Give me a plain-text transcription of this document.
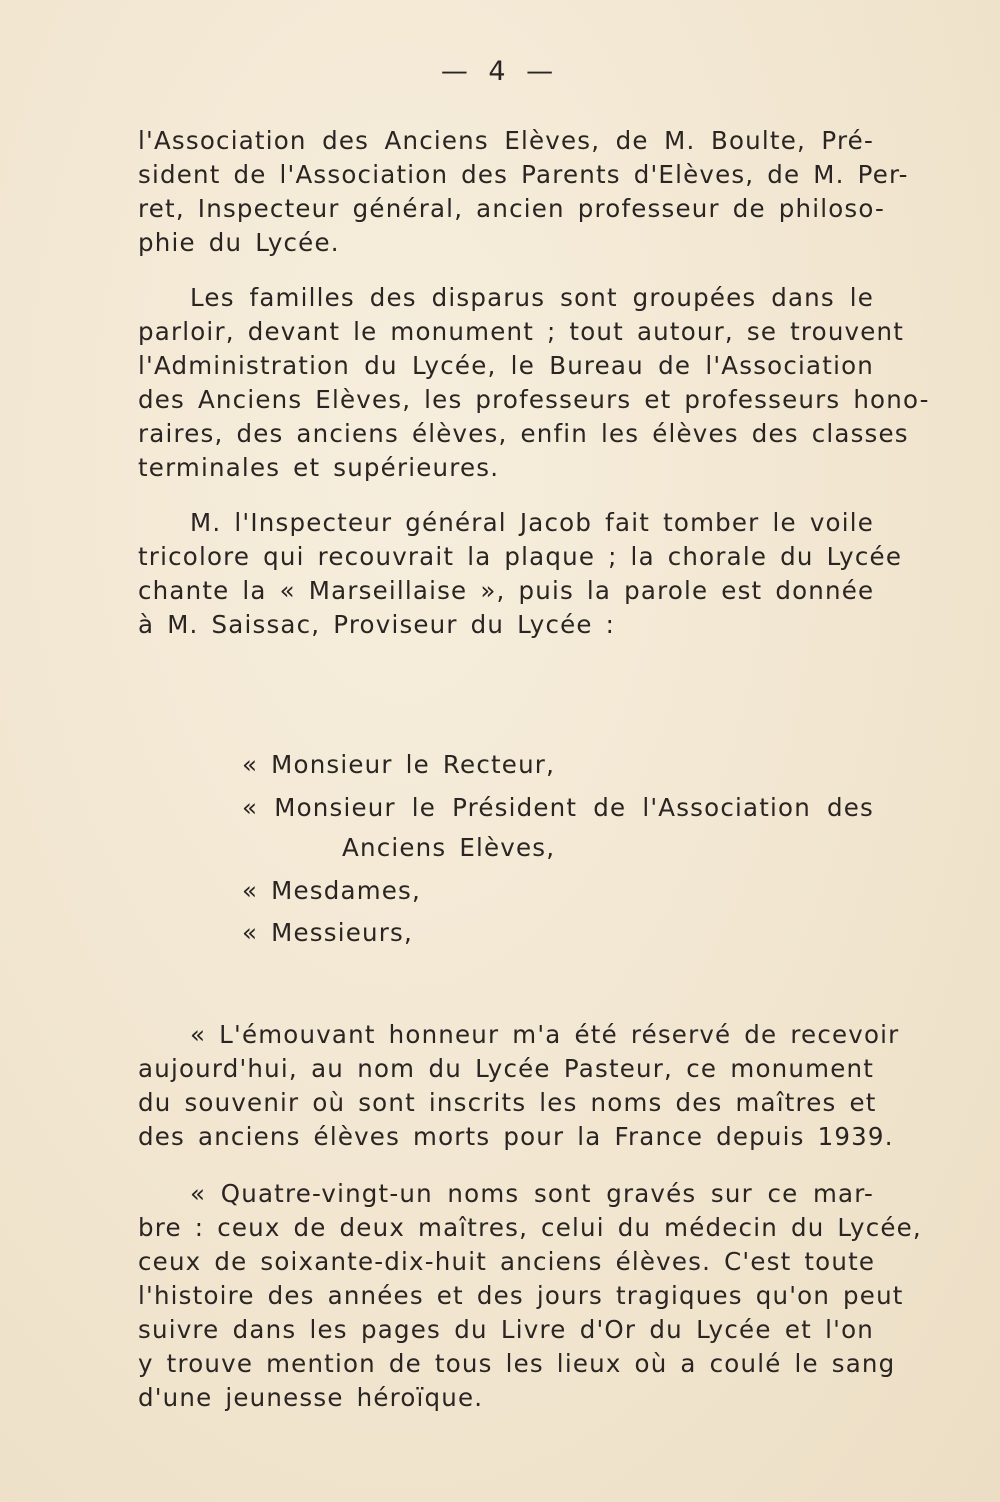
— 4 —
l'Association des Anciens Elèves, de M. Boulte, Pré-
sident de l'Association des Parents d'Elèves, de M. Per-
ret, Inspecteur général, ancien professeur de philoso-
phie du Lycée.
Les familles des disparus sont groupées dans le
parloir, devant le monument ; tout autour, se trouvent
l'Administration du Lycée, le Bureau de l'Association
des Anciens Elèves, les professeurs et professeurs hono-
raires, des anciens élèves, enfin les élèves des classes
terminales et supérieures.
M. l'Inspecteur général Jacob fait tomber le voile
tricolore qui recouvrait la plaque ; la chorale du Lycée
chante la « Marseillaise », puis la parole est donnée
à M. Saissac, Proviseur du Lycée :
« Monsieur le Recteur,
« Monsieur le Président de l'Association des
Anciens Elèves,
« Mesdames,
« Messieurs,
« L'émouvant honneur m'a été réservé de recevoir
aujourd'hui, au nom du Lycée Pasteur, ce monument
du souvenir où sont inscrits les noms des maîtres et
des anciens élèves morts pour la France depuis 1939.
« Quatre-vingt-un noms sont gravés sur ce mar-
bre : ceux de deux maîtres, celui du médecin du Lycée,
ceux de soixante-dix-huit anciens élèves. C'est toute
l'histoire des années et des jours tragiques qu'on peut
suivre dans les pages du Livre d'Or du Lycée et l'on
y trouve mention de tous les lieux où a coulé le sang
d'une jeunesse héroïque.
